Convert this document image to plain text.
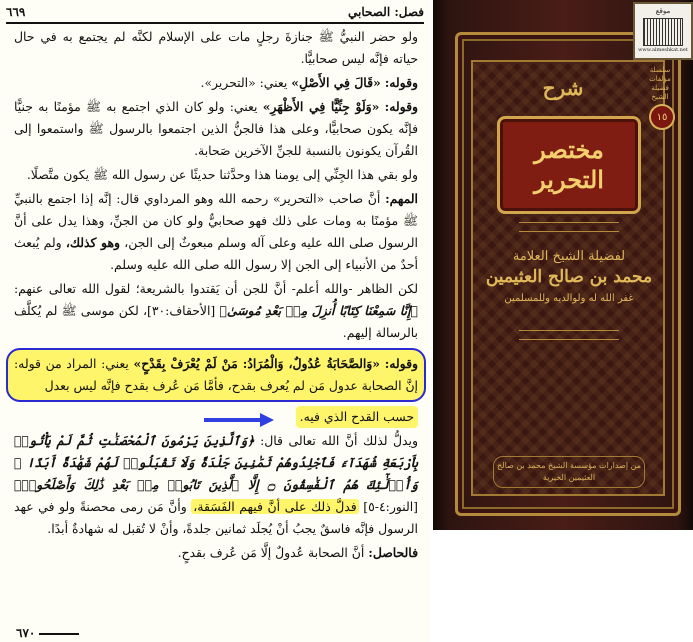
٦٦٩	فصل: الصحابي

ولو حضر النبيُّ ﷺ جنازةَ رجلٍ مات على الإسلام لكنَّه لم يجتمع به في حال حياته فإنَّه ليس صحابيًّا.

وقوله: «قَالَ فِي الأَصْلِ» يعني: «التحرير».

وقوله: «وَلَوْ جِنِّيًّا فِي الأَظْهَرِ» يعني: ولو كان الذي اجتمع به ﷺ مؤمنًا به جنيًّا فإنَّه يكون صحابيًّا، وعلى هذا فالجنُّ الذين اجتمعوا بالرسول ﷺ واستمعوا إلى القُرآن يكونون بالنسبة للجنِّ الآخرين صَحابة.

ولو بقي هذا الجِنِّي إلى يومنا هذا وحدَّثنا حديثًا عن رسول الله ﷺ يكون متَّصلًا.

المهم: أنَّ صاحب «التحرير» رحمه الله وهو المرداوي قال: إنَّه إذا اجتمع بالنبيِّ ﷺ مؤمنًا به ومات على ذلك فهو صحابيٌّ ولو كان من الجنِّ، وهذا يدل على أنَّ الرسول صلى الله عليه وعلى آله وسلم مبعوثٌ إلى الجن، وهو كذلك، ولم يُبعث أحدٌ من الأنبياء إلى الجن إلا رسول الله صلى الله عليه وسلم.

لكن الظاهر -والله أعلم- أنَّ للجن أن يَقتدوا بالشريعة؛ لقول الله تعالى عنهم: ﴿إِنَّا سَمِعْنَا كِتَابًا أُنزِلَ مِنۢ بَعْدِ مُوسَىٰ﴾ [الأحقاف:٣٠]، لكن موسى ﷺ لم يُكلَّف بالرسالة إليهم.

وقوله: «وَالصَّحَابَةُ عُدُولٌ، وَالْمُرَادُ: مَنْ لَمْ يُعْرَفْ بِقَدْحٍ» يعني: المراد من قوله: إنَّ الصحابة عدول مَن لم يُعرف بقدح، فأمَّا مَن عُرف بقدح فإنَّه ليس بعدل
حسب القدح الذي فيه.

ويدلُّ لذلك أنَّ الله تعالى قال: ﴿وَٱلَّذِينَ يَرْمُونَ ٱلْمُحْصَنَٰتِ ثُمَّ لَمْ يَأْتُوا۟ بِأَرْبَعَةِ شُهَدَآءَ فَٱجْلِدُوهُمْ ثَمَٰنِينَ جَلْدَةً وَلَا تَقْبَلُوا۟ لَهُمْ شَهَٰدَةً أَبَدًا ۚ وَأُو۟لَٰٓئِكَ هُمُ ٱلْفَٰسِقُونَ ۝ إِلَّا ٱلَّذِينَ تَابُوا۟ مِنۢ بَعْدِ ذَٰلِكَ وَأَصْلَحُوا۟﴾ [النور:٤-٥] فدلَّ ذلك على أنَّ فيهم الفَسَقة، وأنَّ مَن رمى محصنةً ولو في عهد الرسول فإنَّه فاسقٌ يجبُ أنْ يُجلَد ثمانين جلدةً، وأنْ لا تُقبل له شهادةٌ أبدًا.

فالحاصل: أنَّ الصحابة عُدولٌ إلَّا مَن عُرف بقدحٍ.

٦٧٠
موقع
www.almeshkat.net
سلسلة مؤلفات فضيلة الشيخ
١٥
شرح
مختصر التحرير
لفضيلة الشيخ العلامة
محمد بن صالح العثيمين
غفر الله له ولوالديه وللمسلمين
من إصدارات مؤسسة الشيخ محمد بن صالح العثيمين الخيرية
